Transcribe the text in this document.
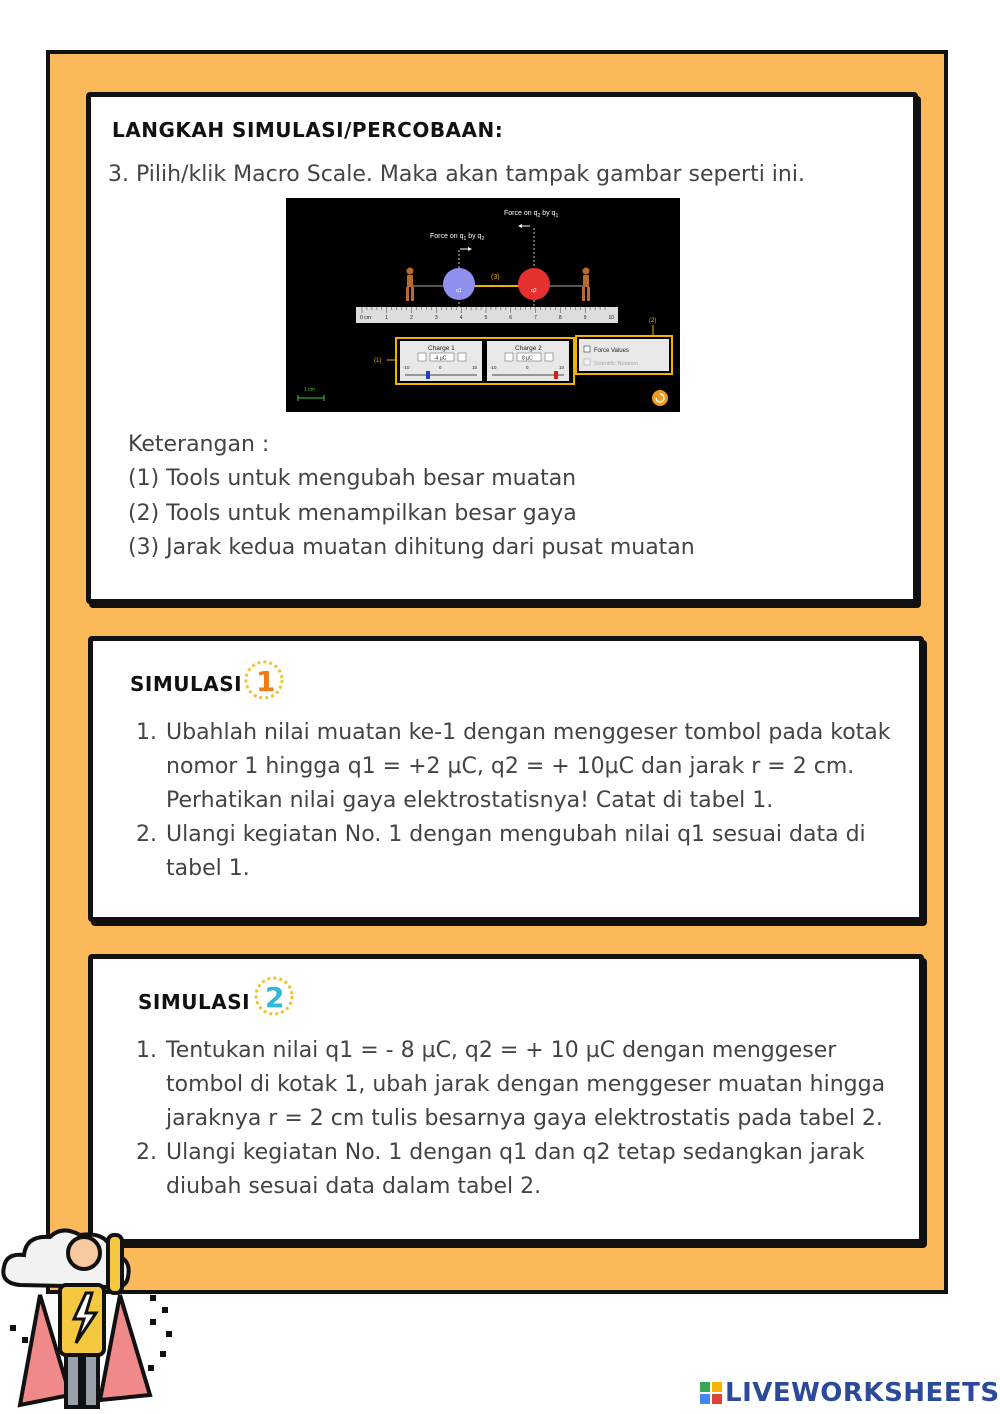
LANGKAH SIMULASI/PERCOBAAN:
3. Pilih/klik Macro Scale. Maka akan tampak gambar seperti ini.
Force on $q_2$ by $q_1$
Force on $q_1$ by $q_2$
(3)
q1	q2
0 cm	1	2	3	4	5	6	7	8	9	10
(1)
Charge 1	Charge 2
-4 µC	8 µC
-10	0	10	-10	0	10
(2)
Force Values
Scientific Notation
1 cm
Keterangan :
(1) Tools untuk mengubah besar muatan
(2) Tools untuk menampilkan besar gaya
(3) Jarak kedua muatan dihitung dari pusat muatan
SIMULASI 1
1. Ubahlah nilai muatan ke-1 dengan menggeser tombol pada kotak
nomor 1 hingga q1 = +2 µC, q2 = + 10µC dan jarak r = 2 cm.
Perhatikan nilai gaya elektrostatisnya! Catat di tabel 1.
2. Ulangi kegiatan No. 1 dengan mengubah nilai q1 sesuai data di
tabel 1.
SIMULASI 2
1. Tentukan nilai q1 = - 8 µC, q2 = + 10 µC dengan menggeser
tombol di kotak 1, ubah jarak dengan menggeser muatan hingga
jaraknya r = 2 cm tulis besarnya gaya elektrostatis pada tabel 2.
2. Ulangi kegiatan No. 1 dengan q1 dan q2 tetap sedangkan jarak
diubah sesuai data dalam tabel 2.
LIVEWORKSHEETS
